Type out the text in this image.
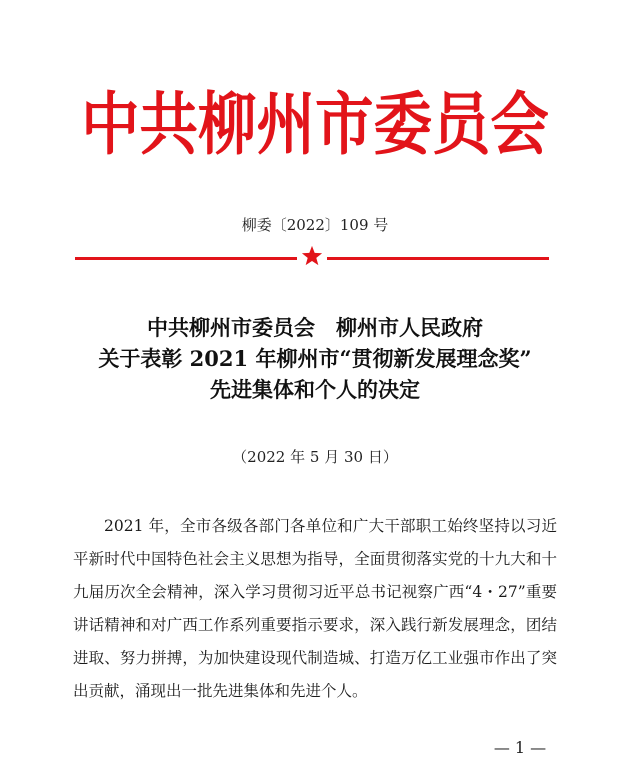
中共柳州市委员会
柳委〔2022〕109 号
中共柳州市委员会　柳州市人民政府
关于表彰 2021 年柳州市“贯彻新发展理念奖”
先进集体和个人的决定
（2022 年 5 月 30 日）
2021 年，全市各级各部门各单位和广大干部职工始终坚持以习近平新时代中国特色社会主义思想为指导，全面贯彻落实党的十九大和十九届历次全会精神，深入学习贯彻习近平总书记视察广西“4・27”重要讲话精神和对广西工作系列重要指示要求，深入践行新发展理念，团结进取、努力拼搏，为加快建设现代制造城、打造万亿工业强市作出了突出贡献，涌现出一批先进集体和先进个人。
— 1 —
